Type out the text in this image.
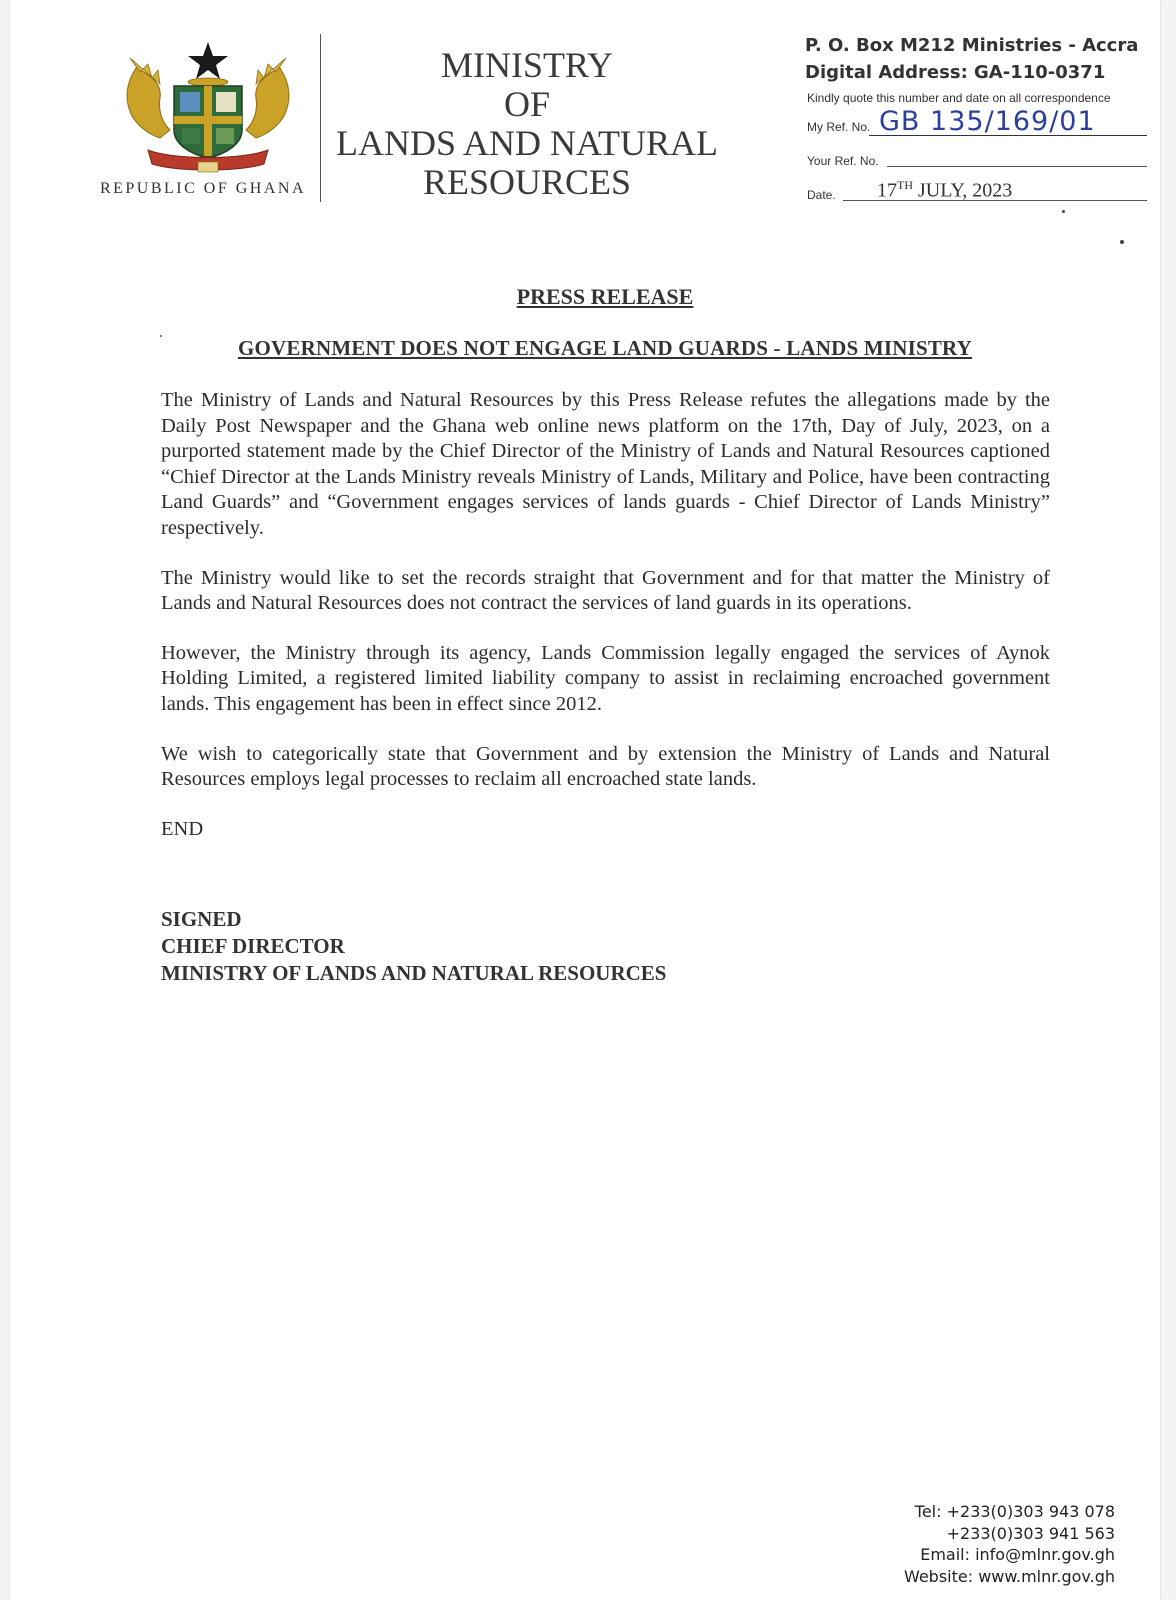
REPUBLIC OF GHANA
MINISTRY
OF
LANDS AND NATURAL
RESOURCES
P. O. Box M212 Ministries - Accra
Digital Address: GA-110-0371
Kindly quote this number and date on all correspondence
My Ref. No. GB 135/169/01
Your Ref. No.
Date. 17TH JULY, 2023
PRESS RELEASE
GOVERNMENT DOES NOT ENGAGE LAND GUARDS - LANDS MINISTRY

The Ministry of Lands and Natural Resources by this Press Release refutes the allegations made by the Daily Post Newspaper and the Ghana web online news platform on the 17th, Day of July, 2023, on a purported statement made by the Chief Director of the Ministry of Lands and Natural Resources captioned “Chief Director at the Lands Ministry reveals Ministry of Lands, Military and Police, have been contracting Land Guards” and “Government engages services of lands guards - Chief Director of Lands Ministry” respectively.

The Ministry would like to set the records straight that Government and for that matter the Ministry of Lands and Natural Resources does not contract the services of land guards in its operations.

However, the Ministry through its agency, Lands Commission legally engaged the services of Aynok Holding Limited, a registered limited liability company to assist in reclaiming encroached government lands. This engagement has been in effect since 2012.

We wish to categorically state that Government and by extension the Ministry of Lands and Natural Resources employs legal processes to reclaim all encroached state lands.

END

SIGNED
CHIEF DIRECTOR
MINISTRY OF LANDS AND NATURAL RESOURCES
Tel: +233(0)303 943 078
+233(0)303 941 563
Email: info@mlnr.gov.gh
Website: www.mlnr.gov.gh
